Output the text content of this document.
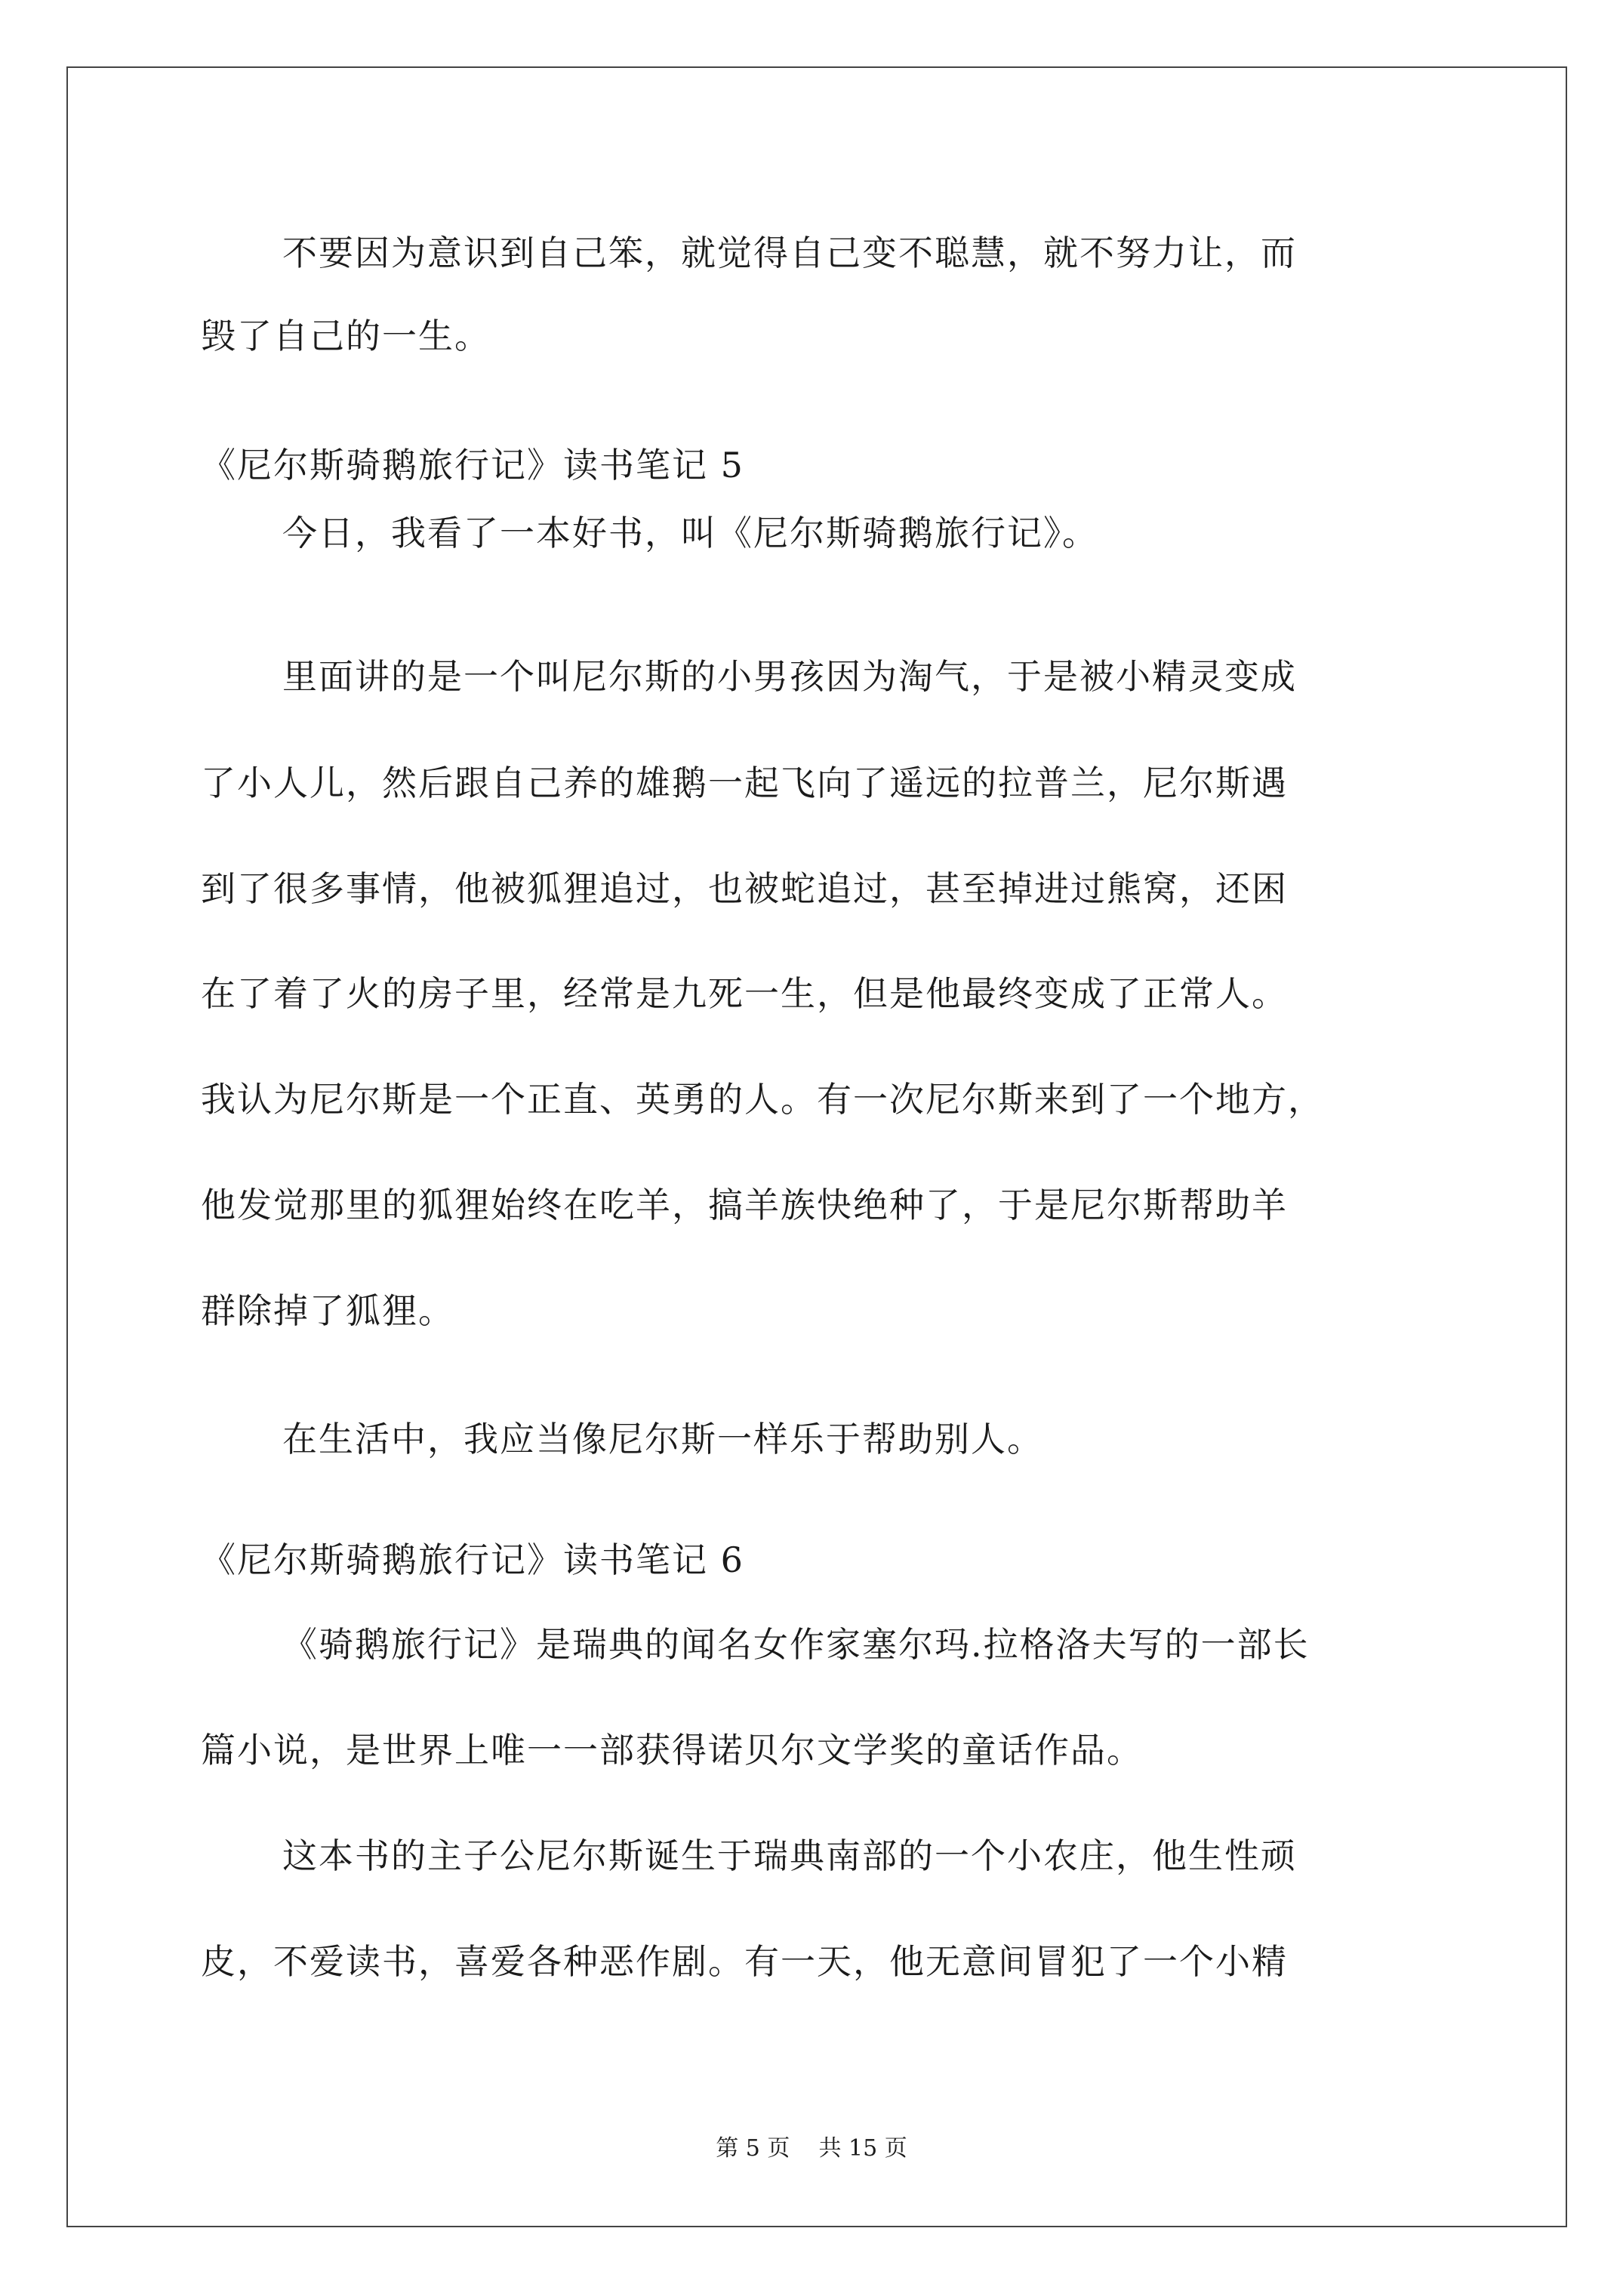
不要因为意识到自己笨，就觉得自己变不聪慧，就不努力让，而
毁了自己的一生。
《尼尔斯骑鹅旅行记》读书笔记 5
今日，我看了一本好书，叫《尼尔斯骑鹅旅行记》。
里面讲的是一个叫尼尔斯的小男孩因为淘气，于是被小精灵变成
了小人儿，然后跟自己养的雄鹅一起飞向了遥远的拉普兰，尼尔斯遇
到了很多事情，他被狐狸追过，也被蛇追过，甚至掉进过熊窝，还困
在了着了火的房子里，经常是九死一生，但是他最终变成了正常人。
我认为尼尔斯是一个正直、英勇的人。有一次尼尔斯来到了一个地方，
他发觉那里的狐狸始终在吃羊，搞羊族快绝种了，于是尼尔斯帮助羊
群除掉了狐狸。
在生活中，我应当像尼尔斯一样乐于帮助别人。
《尼尔斯骑鹅旅行记》读书笔记 6
《骑鹅旅行记》是瑞典的闻名女作家塞尔玛.拉格洛夫写的一部长
篇小说，是世界上唯一一部获得诺贝尔文学奖的童话作品。
这本书的主子公尼尔斯诞生于瑞典南部的一个小农庄，他生性顽
皮，不爱读书，喜爱各种恶作剧。有一天，他无意间冒犯了一个小精
第 5 页    共 15 页
